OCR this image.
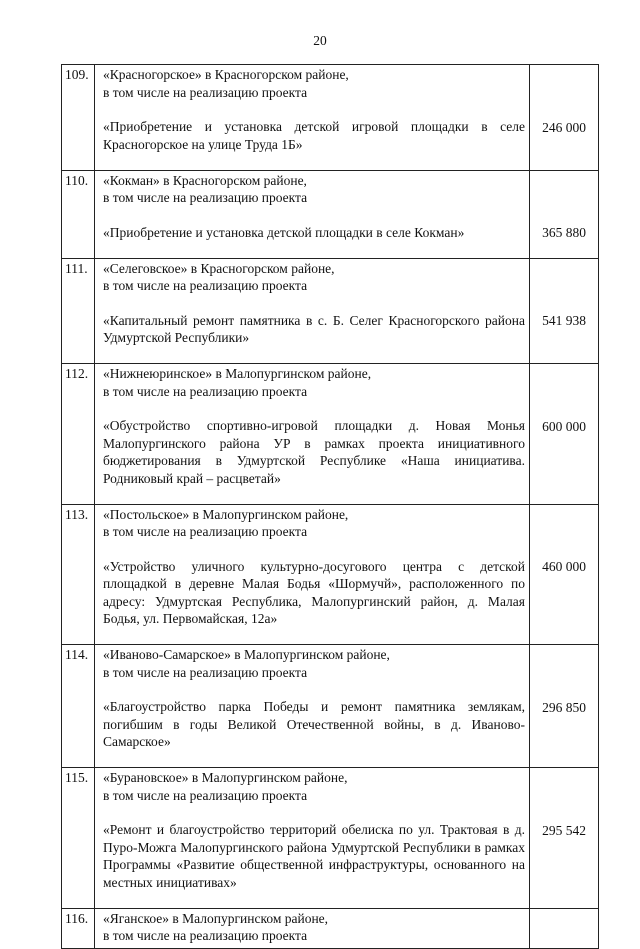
20
109.	«Красногорское» в Красногорском районе,

в том числе на реализацию проекта

«Приобретение и установка детской игровой площадки в селе Красногорское на улице Труда 1Б»	246 000

110.	«Кокман» в Красногорском районе,

в том числе на реализацию проекта

«Приобретение и установка детской площадки в селе Кокман»	365 880

111.	«Селеговское» в Красногорском районе,

в том числе на реализацию проекта

«Капитальный ремонт памятника в с. Б. Селег Красногорского района Удмуртской Республики»	541 938

112.	«Нижнеюринское» в Малопургинском районе,

в том числе на реализацию проекта

«Обустройство спортивно-игровой площадки д. Новая Монья Малопургинского района УР в рамках проекта инициативного бюджетирования в Удмуртской Республике «Наша инициатива. Родниковый край – расцветай»	600 000

113.	«Постольское» в Малопургинском районе,

в том числе на реализацию проекта

«Устройство уличного культурно-досугового центра с детской площадкой в деревне Малая Бодья «Шормучй», расположенного по адресу: Удмуртская Республика, Малопургинский район, д. Малая Бодья, ул. Первомайская, 12а»	460 000

114.	«Иваново-Самарское» в Малопургинском районе,

в том числе на реализацию проекта

«Благоустройство парка Победы и ремонт памятника землякам, погибшим в годы Великой Отечественной войны, в д. Иваново-Самарское»	296 850

115.	«Бурановское» в Малопургинском районе,

в том числе на реализацию проекта

«Ремонт и благоустройство территорий обелиска по ул. Трактовая в д. Пуро-Можга Малопургинского района Удмуртской Республики в рамках Программы «Развитие общественной инфраструктуры, основанного на местных инициативах»	295 542

116.	«Яганское» в Малопургинском районе,

в том числе на реализацию проекта	
